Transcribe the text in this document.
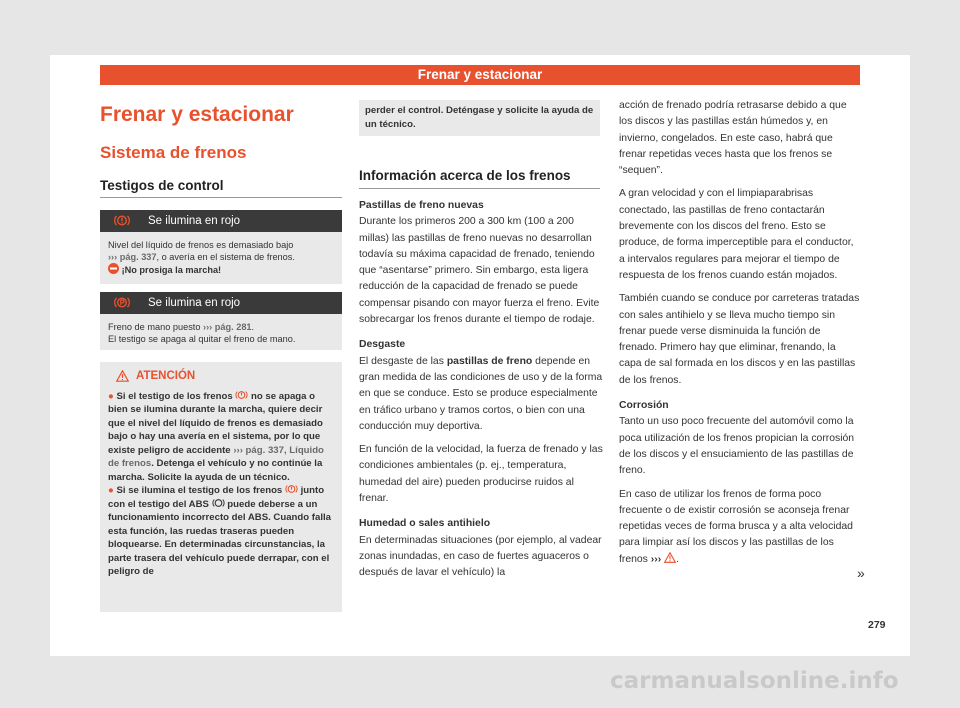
Frenar y estacionar
Frenar y estacionar
Sistema de frenos
Testigos de control
Se ilumina en rojo
Nivel del líquido de frenos es demasiado bajo
››› pág. 337, o avería en el sistema de frenos.
¡No prosiga la marcha!
Se ilumina en rojo
Freno de mano puesto ››› pág. 281.
El testigo se apaga al quitar el freno de mano.
ATENCIÓN
● Si el testigo de los frenos no se apaga o bien se ilumina durante la marcha, quiere decir que el nivel del líquido de frenos es demasiado bajo o hay una avería en el sistema, por lo que existe peligro de accidente ››› pág. 337, Líquido de frenos. Detenga el vehículo y no continúe la marcha. Solicite la ayuda de un técnico.
● Si se ilumina el testigo de los frenos junto con el testigo del ABS puede deberse a un funcionamiento incorrecto del ABS. Cuando falla esta función, las ruedas traseras pueden bloquearse. En determinadas circunstancias, la parte trasera del vehículo puede derrapar, con el peligro de
perder el control. Deténgase y solicite la ayuda de un técnico.
Información acerca de los frenos
Pastillas de freno nuevas

Durante los primeros 200 a 300 km (100 a 200 millas) las pastillas de freno nuevas no desarrollan todavía su máxima capacidad de frenado, teniendo que “asentarse” primero. Sin embargo, esta ligera reducción de la capacidad de frenado se puede compensar pisando con mayor fuerza el freno. Evite sobrecargar los frenos durante el tiempo de rodaje.

Desgaste

El desgaste de las pastillas de freno depende en gran medida de las condiciones de uso y de la forma en que se conduce. Esto se produce especialmente en tráfico urbano y tramos cortos, o bien con una conducción muy deportiva.

En función de la velocidad, la fuerza de frenado y las condiciones ambientales (p. ej., temperatura, humedad del aire) pueden producirse ruidos al frenar.

Humedad o sales antihielo

En determinadas situaciones (por ejemplo, al vadear zonas inundadas, en caso de fuertes aguaceros o después de lavar el vehículo) la

acción de frenado podría retrasarse debido a que los discos y las pastillas están húmedos y, en invierno, congelados. En este caso, habrá que frenar repetidas veces hasta que los frenos se “sequen”.

A gran velocidad y con el limpiaparabrisas conectado, las pastillas de freno contactarán brevemente con los discos del freno. Esto se produce, de forma imperceptible para el conductor, a intervalos regulares para mejorar el tiempo de respuesta de los frenos cuando están mojados.

También cuando se conduce por carreteras tratadas con sales antihielo y se lleva mucho tiempo sin frenar puede verse disminuida la función de frenado. Primero hay que eliminar, frenando, la capa de sal formada en los discos y en las pastillas de los frenos.

Corrosión

Tanto un uso poco frecuente del automóvil como la poca utilización de los frenos propician la corrosión de los discos y el ensuciamiento de las pastillas de freno.

En caso de utilizar los frenos de forma poco frecuente o de existir corrosión se aconseja frenar repetidas veces de forma brusca y a alta velocidad para limpiar así los discos y las pastillas de los frenos ››› .

»
279
carmanualsonline.info
